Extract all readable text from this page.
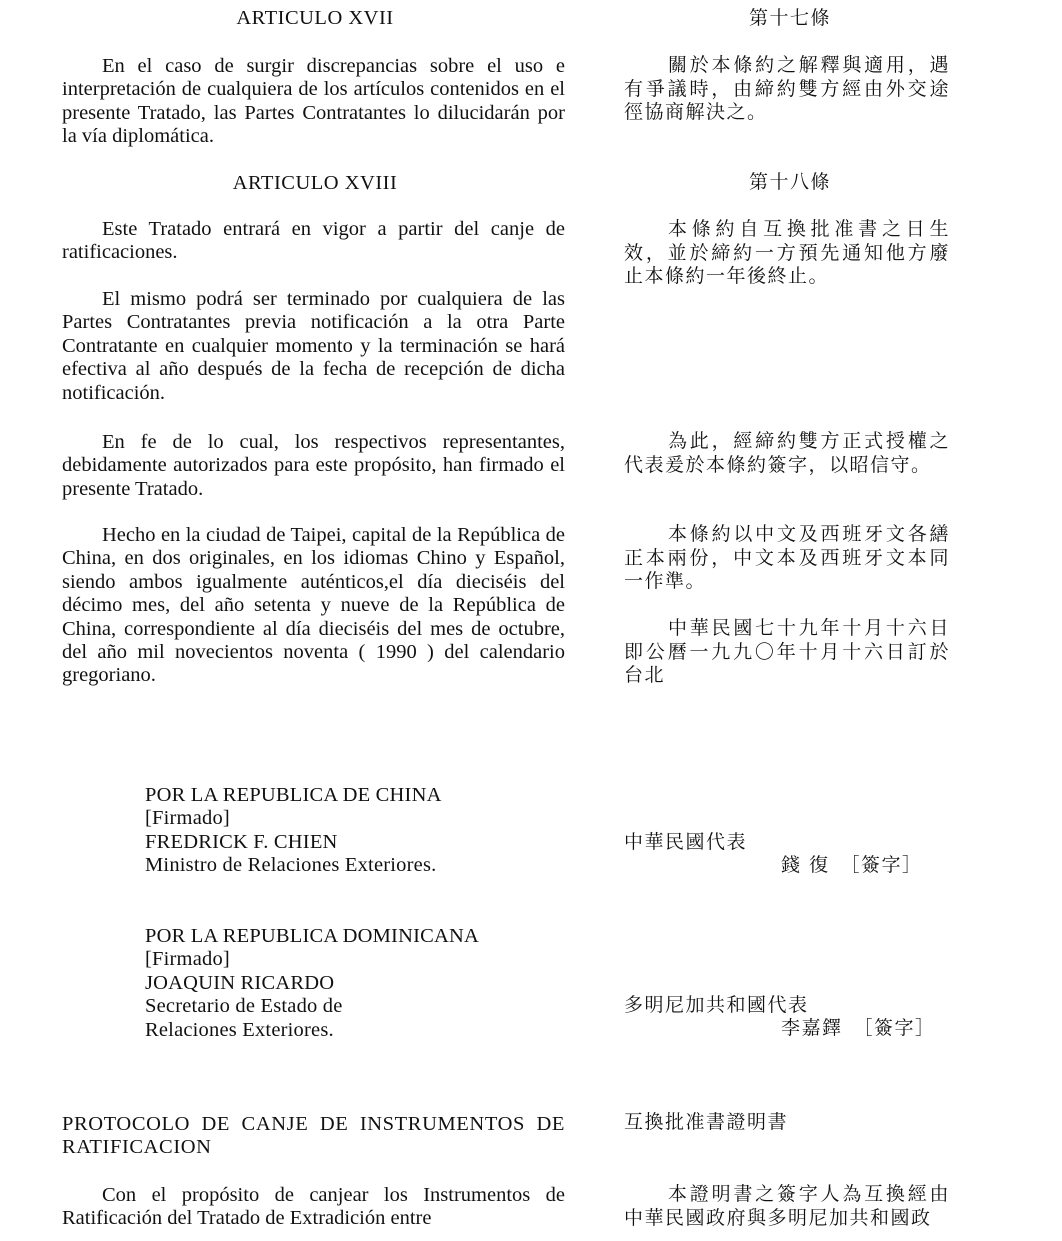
ARTICULO XVII	第十七條

En el caso de surgir discrepancias sobre el uso e interpretación de cualquiera de los artículos contenidos en el presente Tratado, las Partes Contratantes lo dilucidarán por la vía diplomática.

關於本條約之解釋與適用，遇有爭議時，由締約雙方經由外交途徑協商解決之。

ARTICULO XVIII	第十八條

Este Tratado entrará en vigor a partir del canje de ratificaciones.

本條約自互換批准書之日生效，並於締約一方預先通知他方廢止本條約一年後終止。

El mismo podrá ser terminado por cualquiera de las Partes Contratantes previa notificación a la otra Parte Contratante en cualquier momento y la terminación se hará efectiva al año después de la fecha de recepción de dicha notificación.

En fe de lo cual, los respectivos representantes, debidamente autorizados para este propósito, han firmado el presente Tratado.

為此，經締約雙方正式授權之代表爰於本條約簽字，以昭信守。

Hecho en la ciudad de Taipei, capital de la República de China, en dos originales, en los idiomas Chino y Español, siendo ambos igualmente auténticos,el día dieciséis del décimo mes, del año setenta y nueve de la República de China, correspondiente al día dieciséis del mes de octubre, del año mil novecientos noventa ( 1990 ) del calendario gregoriano.

本條約以中文及西班牙文各繕正本兩份，中文本及西班牙文本同一作準。

中華民國七十九年十月十六日即公曆一九九〇年十月十六日訂於台北

POR LA REPUBLICA DE CHINA
[Firmado]
FREDRICK F. CHIEN
Ministro de Relaciones Exteriores.

中華民國代表

錢 復　［簽字］

POR LA REPUBLICA DOMINICANA
[Firmado]
JOAQUIN RICARDO
Secretario de Estado de
Relaciones Exteriores.

多明尼加共和國代表

李嘉鐸　［簽字］

PROTOCOLO DE CANJE DE INSTRUMENTOS DE RATIFICACION

互換批准書證明書

Con el propósito de canjear los Instrumentos de Ratificación del Tratado de Extradición entre

本證明書之簽字人為互換經由中華民國政府與多明尼加共和國政
